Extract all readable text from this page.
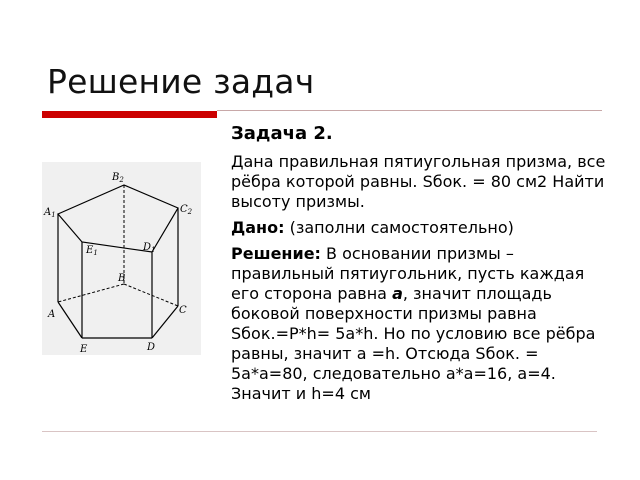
Решение задач
$B_2$
$A_1$	$C_2$
$E_1$	$D_1$
B
A	C
E	D

Задача 2.

Дана правильная пятиугольная призма, все рёбра которой равны. Sбок. = 80 см2 Найти высоту призмы.

Дано: (заполни самостоятельно)

Решение: В основании призмы – правильный пятиугольник, пусть каждая его сторона равна а, значит площадь боковой поверхности призмы равна Sбок.=P*h= 5a*h. Но по условию все рёбра равны, значит a =h. Отсюда Sбок. = 5a*a=80, следовательно a*a=16, a=4. Значит и h=4 см
